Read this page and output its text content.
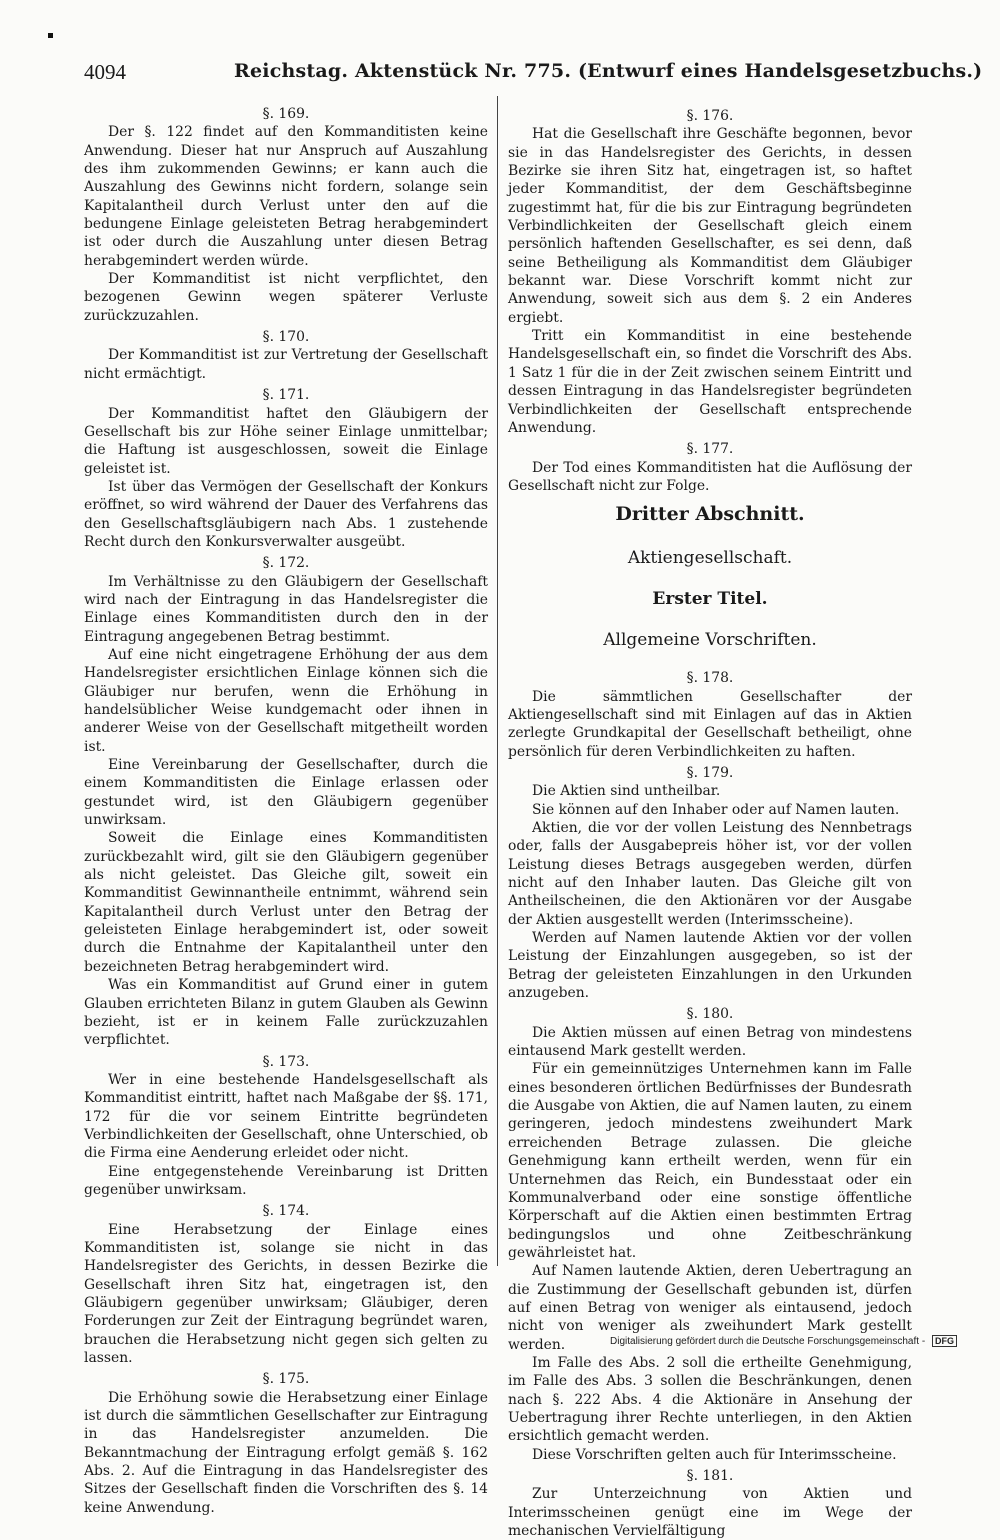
4094	Reichstag. Aktenstück Nr. 775. (Entwurf eines Handelsgesetzbuchs.)

§. 169.

Der §. 122 findet auf den Kommanditisten keine Anwendung. Dieser hat nur Anspruch auf Auszahlung des ihm zukommenden Gewinns; er kann auch die Auszahlung des Gewinns nicht fordern, solange sein Kapitalantheil durch Verlust unter den auf die bedungene Einlage geleisteten Betrag herabgemindert ist oder durch die Auszahlung unter diesen Betrag herabgemindert werden würde.

Der Kommanditist ist nicht verpflichtet, den bezogenen Gewinn wegen späterer Verluste zurückzuzahlen.

§. 170.

Der Kommanditist ist zur Vertretung der Gesellschaft nicht ermächtigt.

§. 171.

Der Kommanditist haftet den Gläubigern der Gesellschaft bis zur Höhe seiner Einlage unmittelbar; die Haftung ist ausgeschlossen, soweit die Einlage geleistet ist.

Ist über das Vermögen der Gesellschaft der Konkurs eröffnet, so wird während der Dauer des Verfahrens das den Gesellschaftsgläubigern nach Abs. 1 zustehende Recht durch den Konkursverwalter ausgeübt.

§. 172.

Im Verhältnisse zu den Gläubigern der Gesellschaft wird nach der Eintragung in das Handelsregister die Einlage eines Kommanditisten durch den in der Eintragung angegebenen Betrag bestimmt.

Auf eine nicht eingetragene Erhöhung der aus dem Handelsregister ersichtlichen Einlage können sich die Gläubiger nur berufen, wenn die Erhöhung in handelsüblicher Weise kundgemacht oder ihnen in anderer Weise von der Gesellschaft mitgetheilt worden ist.

Eine Vereinbarung der Gesellschafter, durch die einem Kommanditisten die Einlage erlassen oder gestundet wird, ist den Gläubigern gegenüber unwirksam.

Soweit die Einlage eines Kommanditisten zurückbezahlt wird, gilt sie den Gläubigern gegenüber als nicht geleistet. Das Gleiche gilt, soweit ein Kommanditist Gewinnantheile entnimmt, während sein Kapitalantheil durch Verlust unter den Betrag der geleisteten Einlage herabgemindert ist, oder soweit durch die Entnahme der Kapitalantheil unter den bezeichneten Betrag herabgemindert wird.

Was ein Kommanditist auf Grund einer in gutem Glauben errichteten Bilanz in gutem Glauben als Gewinn bezieht, ist er in keinem Falle zurückzuzahlen verpflichtet.

§. 173.

Wer in eine bestehende Handelsgesellschaft als Kommanditist eintritt, haftet nach Maßgabe der §§. 171, 172 für die vor seinem Eintritte begründeten Verbindlichkeiten der Gesellschaft, ohne Unterschied, ob die Firma eine Aenderung erleidet oder nicht.

Eine entgegenstehende Vereinbarung ist Dritten gegenüber unwirksam.

§. 174.

Eine Herabsetzung der Einlage eines Kommanditisten ist, solange sie nicht in das Handelsregister des Gerichts, in dessen Bezirke die Gesellschaft ihren Sitz hat, eingetragen ist, den Gläubigern gegenüber unwirksam; Gläubiger, deren Forderungen zur Zeit der Eintragung begründet waren, brauchen die Herabsetzung nicht gegen sich gelten zu lassen.

§. 175.

Die Erhöhung sowie die Herabsetzung einer Einlage ist durch die sämmtlichen Gesellschafter zur Eintragung in das Handelsregister anzumelden. Die Bekanntmachung der Eintragung erfolgt gemäß §. 162 Abs. 2. Auf die Eintragung in das Handelsregister des Sitzes der Gesellschaft finden die Vorschriften des §. 14 keine Anwendung.

§. 176.

Hat die Gesellschaft ihre Geschäfte begonnen, bevor sie in das Handelsregister des Gerichts, in dessen Bezirke sie ihren Sitz hat, eingetragen ist, so haftet jeder Kommanditist, der dem Geschäftsbeginne zugestimmt hat, für die bis zur Eintragung begründeten Verbindlichkeiten der Gesellschaft gleich einem persönlich haftenden Gesellschafter, es sei denn, daß seine Betheiligung als Kommanditist dem Gläubiger bekannt war. Diese Vorschrift kommt nicht zur Anwendung, soweit sich aus dem §. 2 ein Anderes ergiebt.

Tritt ein Kommanditist in eine bestehende Handelsgesellschaft ein, so findet die Vorschrift des Abs. 1 Satz 1 für die in der Zeit zwischen seinem Eintritt und dessen Eintragung in das Handelsregister begründeten Verbindlichkeiten der Gesellschaft entsprechende Anwendung.

§. 177.

Der Tod eines Kommanditisten hat die Auflösung der Gesellschaft nicht zur Folge.

Dritter Abschnitt.

Aktiengesellschaft.

Erster Titel.

Allgemeine Vorschriften.

§. 178.

Die sämmtlichen Gesellschafter der Aktiengesellschaft sind mit Einlagen auf das in Aktien zerlegte Grundkapital der Gesellschaft betheiligt, ohne persönlich für deren Verbindlichkeiten zu haften.

§. 179.

Die Aktien sind untheilbar.

Sie können auf den Inhaber oder auf Namen lauten.

Aktien, die vor der vollen Leistung des Nennbetrags oder, falls der Ausgabepreis höher ist, vor der vollen Leistung dieses Betrags ausgegeben werden, dürfen nicht auf den Inhaber lauten. Das Gleiche gilt von Antheilscheinen, die den Aktionären vor der Ausgabe der Aktien ausgestellt werden (Interimsscheine).

Werden auf Namen lautende Aktien vor der vollen Leistung der Einzahlungen ausgegeben, so ist der Betrag der geleisteten Einzahlungen in den Urkunden anzugeben.

§. 180.

Die Aktien müssen auf einen Betrag von mindestens eintausend Mark gestellt werden.

Für ein gemeinnütziges Unternehmen kann im Falle eines besonderen örtlichen Bedürfnisses der Bundesrath die Ausgabe von Aktien, die auf Namen lauten, zu einem geringeren, jedoch mindestens zweihundert Mark erreichenden Betrage zulassen. Die gleiche Genehmigung kann ertheilt werden, wenn für ein Unternehmen das Reich, ein Bundesstaat oder ein Kommunalverband oder eine sonstige öffentliche Körperschaft auf die Aktien einen bestimmten Ertrag bedingungslos und ohne Zeitbeschränkung gewährleistet hat.

Auf Namen lautende Aktien, deren Uebertragung an die Zustimmung der Gesellschaft gebunden ist, dürfen auf einen Betrag von weniger als eintausend, jedoch nicht von weniger als zweihundert Mark gestellt werden.

Im Falle des Abs. 2 soll die ertheilte Genehmigung, im Falle des Abs. 3 sollen die Beschränkungen, denen nach §. 222 Abs. 4 die Aktionäre in Ansehung der Uebertragung ihrer Rechte unterliegen, in den Aktien ersichtlich gemacht werden.

Diese Vorschriften gelten auch für Interimsscheine.

§. 181.

Zur Unterzeichnung von Aktien und Interimsscheinen genügt eine im Wege der mechanischen Vervielfältigung

Digitalisierung gefördert durch die Deutsche Forschungsgemeinschaft - DFG
